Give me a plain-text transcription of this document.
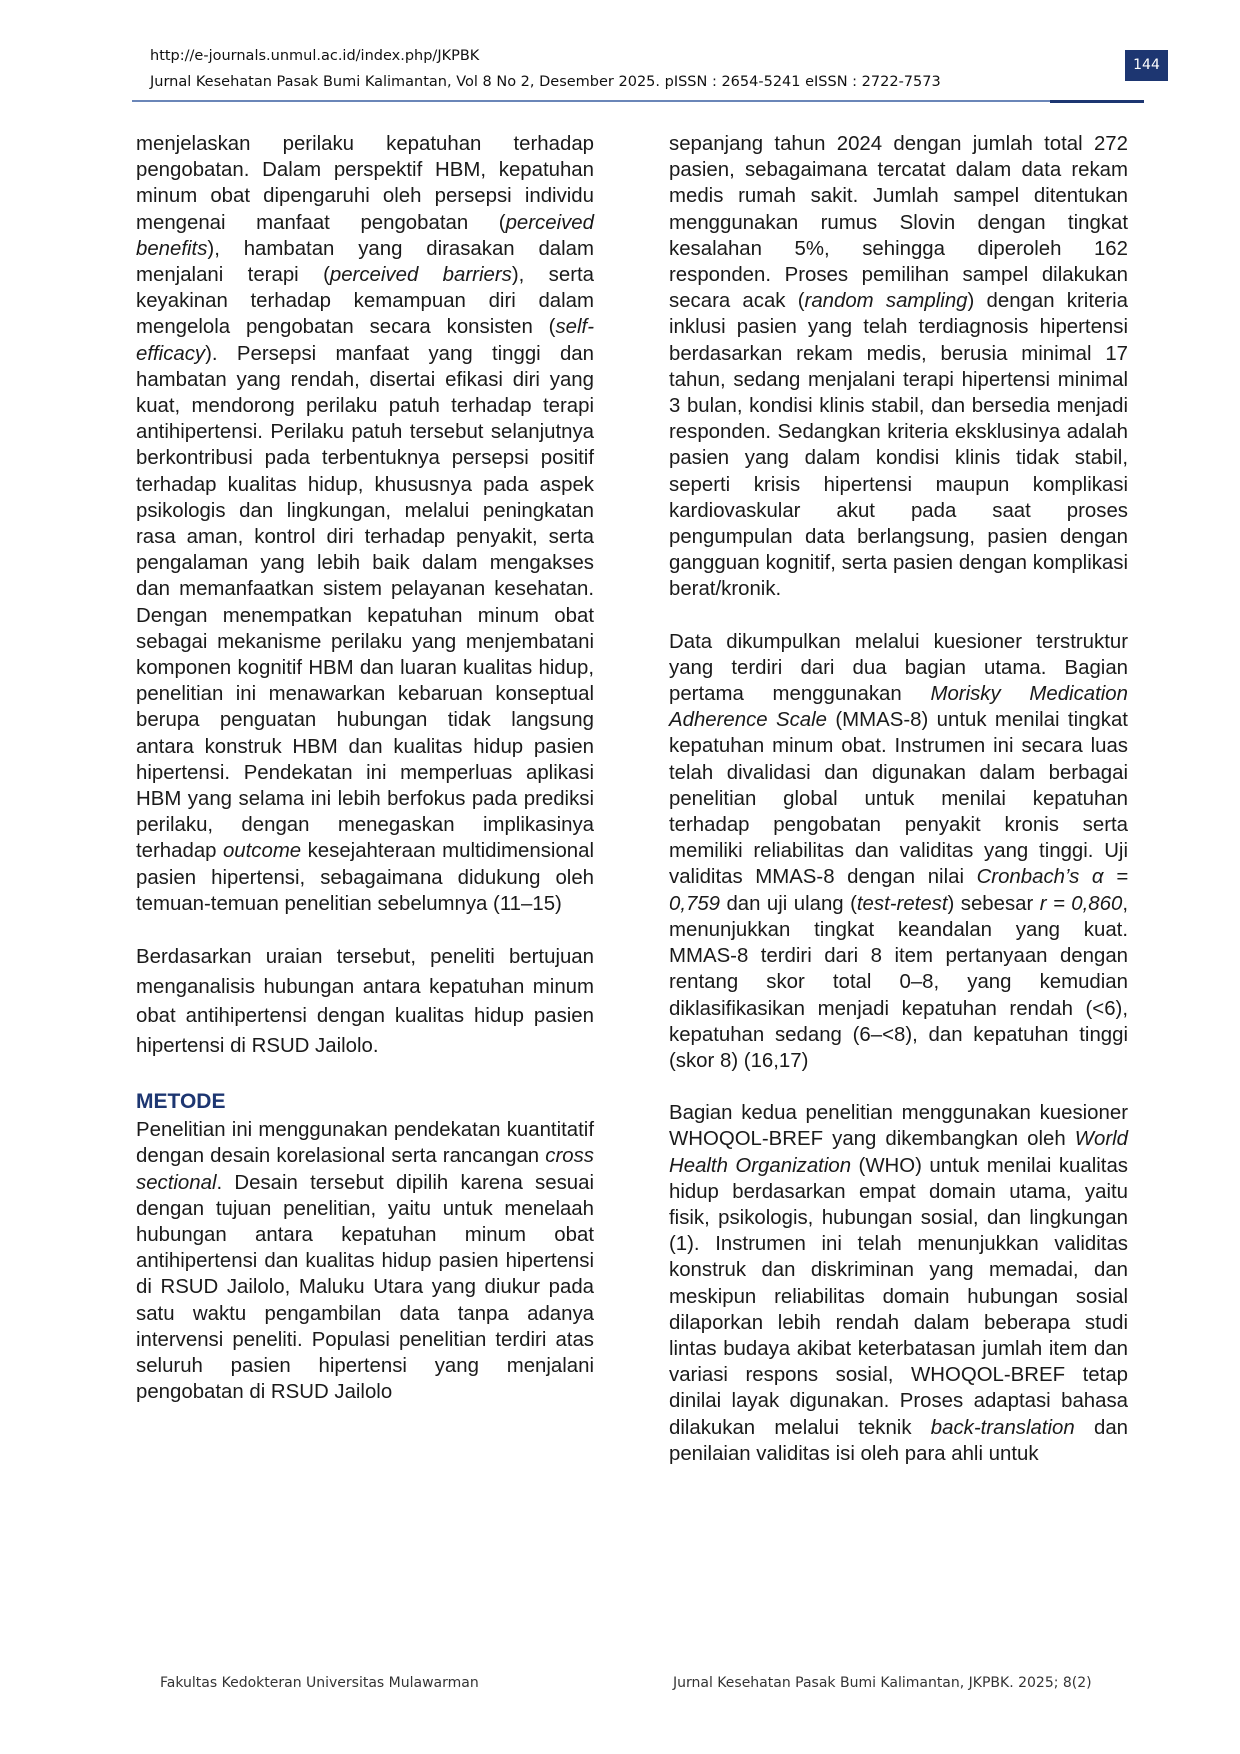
http://e-journals.unmul.ac.id/index.php/JKPBK
Jurnal Kesehatan Pasak Bumi Kalimantan, Vol 8 No 2, Desember 2025. pISSN : 2654-5241 eISSN : 2722-7573
144

menjelaskan perilaku kepatuhan terhadap pengobatan. Dalam perspektif HBM, kepatuhan minum obat dipengaruhi oleh persepsi individu mengenai manfaat pengobatan (perceived benefits), hambatan yang dirasakan dalam menjalani terapi (perceived barriers), serta keyakinan terhadap kemampuan diri dalam mengelola pengobatan secara konsisten (self-efficacy). Persepsi manfaat yang tinggi dan hambatan yang rendah, disertai efikasi diri yang kuat, mendorong perilaku patuh terhadap terapi antihipertensi. Perilaku patuh tersebut selanjutnya berkontribusi pada terbentuknya persepsi positif terhadap kualitas hidup, khususnya pada aspek psikologis dan lingkungan, melalui peningkatan rasa aman, kontrol diri terhadap penyakit, serta pengalaman yang lebih baik dalam mengakses dan memanfaatkan sistem pelayanan kesehatan. Dengan menempatkan kepatuhan minum obat sebagai mekanisme perilaku yang menjembatani komponen kognitif HBM dan luaran kualitas hidup, penelitian ini menawarkan kebaruan konseptual berupa penguatan hubungan tidak langsung antara konstruk HBM dan kualitas hidup pasien hipertensi. Pendekatan ini memperluas aplikasi HBM yang selama ini lebih berfokus pada prediksi perilaku, dengan menegaskan implikasinya terhadap outcome kesejahteraan multidimensional pasien hipertensi, sebagaimana didukung oleh temuan-temuan penelitian sebelumnya (11–15)

Berdasarkan uraian tersebut, peneliti bertujuan menganalisis hubungan antara kepatuhan minum obat antihipertensi dengan kualitas hidup pasien hipertensi di RSUD Jailolo.

METODE

Penelitian ini menggunakan pendekatan kuantitatif dengan desain korelasional serta rancangan cross sectional. Desain tersebut dipilih karena sesuai dengan tujuan penelitian, yaitu untuk menelaah hubungan antara kepatuhan minum obat antihipertensi dan kualitas hidup pasien hipertensi di RSUD Jailolo, Maluku Utara yang diukur pada satu waktu pengambilan data tanpa adanya intervensi peneliti. Populasi penelitian terdiri atas seluruh pasien hipertensi yang menjalani pengobatan di RSUD Jailolo

sepanjang tahun 2024 dengan jumlah total 272 pasien, sebagaimana tercatat dalam data rekam medis rumah sakit. Jumlah sampel ditentukan menggunakan rumus Slovin dengan tingkat kesalahan 5%, sehingga diperoleh 162 responden. Proses pemilihan sampel dilakukan secara acak (random sampling) dengan kriteria inklusi pasien yang telah terdiagnosis hipertensi berdasarkan rekam medis, berusia minimal 17 tahun, sedang menjalani terapi hipertensi minimal 3 bulan, kondisi klinis stabil, dan bersedia menjadi responden. Sedangkan kriteria eksklusinya adalah pasien yang dalam kondisi klinis tidak stabil, seperti krisis hipertensi maupun komplikasi kardiovaskular akut pada saat proses pengumpulan data berlangsung, pasien dengan gangguan kognitif, serta pasien dengan komplikasi berat/kronik.

Data dikumpulkan melalui kuesioner terstruktur yang terdiri dari dua bagian utama. Bagian pertama menggunakan Morisky Medication Adherence Scale (MMAS-8) untuk menilai tingkat kepatuhan minum obat. Instrumen ini secara luas telah divalidasi dan digunakan dalam berbagai penelitian global untuk menilai kepatuhan terhadap pengobatan penyakit kronis serta memiliki reliabilitas dan validitas yang tinggi. Uji validitas MMAS-8 dengan nilai Cronbach’s α = 0,759 dan uji ulang (test-retest) sebesar r = 0,860, menunjukkan tingkat keandalan yang kuat. MMAS-8 terdiri dari 8 item pertanyaan dengan rentang skor total 0–8, yang kemudian diklasifikasikan menjadi kepatuhan rendah (<6), kepatuhan sedang (6–<8), dan kepatuhan tinggi (skor 8) (16,17)

Bagian kedua penelitian menggunakan kuesioner WHOQOL-BREF yang dikembangkan oleh World Health Organization (WHO) untuk menilai kualitas hidup berdasarkan empat domain utama, yaitu fisik, psikologis, hubungan sosial, dan lingkungan (1). Instrumen ini telah menunjukkan validitas konstruk dan diskriminan yang memadai, dan meskipun reliabilitas domain hubungan sosial dilaporkan lebih rendah dalam beberapa studi lintas budaya akibat keterbatasan jumlah item dan variasi respons sosial, WHOQOL-BREF tetap dinilai layak digunakan. Proses adaptasi bahasa dilakukan melalui teknik back-translation dan penilaian validitas isi oleh para ahli untuk

Fakultas Kedokteran Universitas Mulawarman	Jurnal Kesehatan Pasak Bumi Kalimantan, JKPBK. 2025; 8(2)
